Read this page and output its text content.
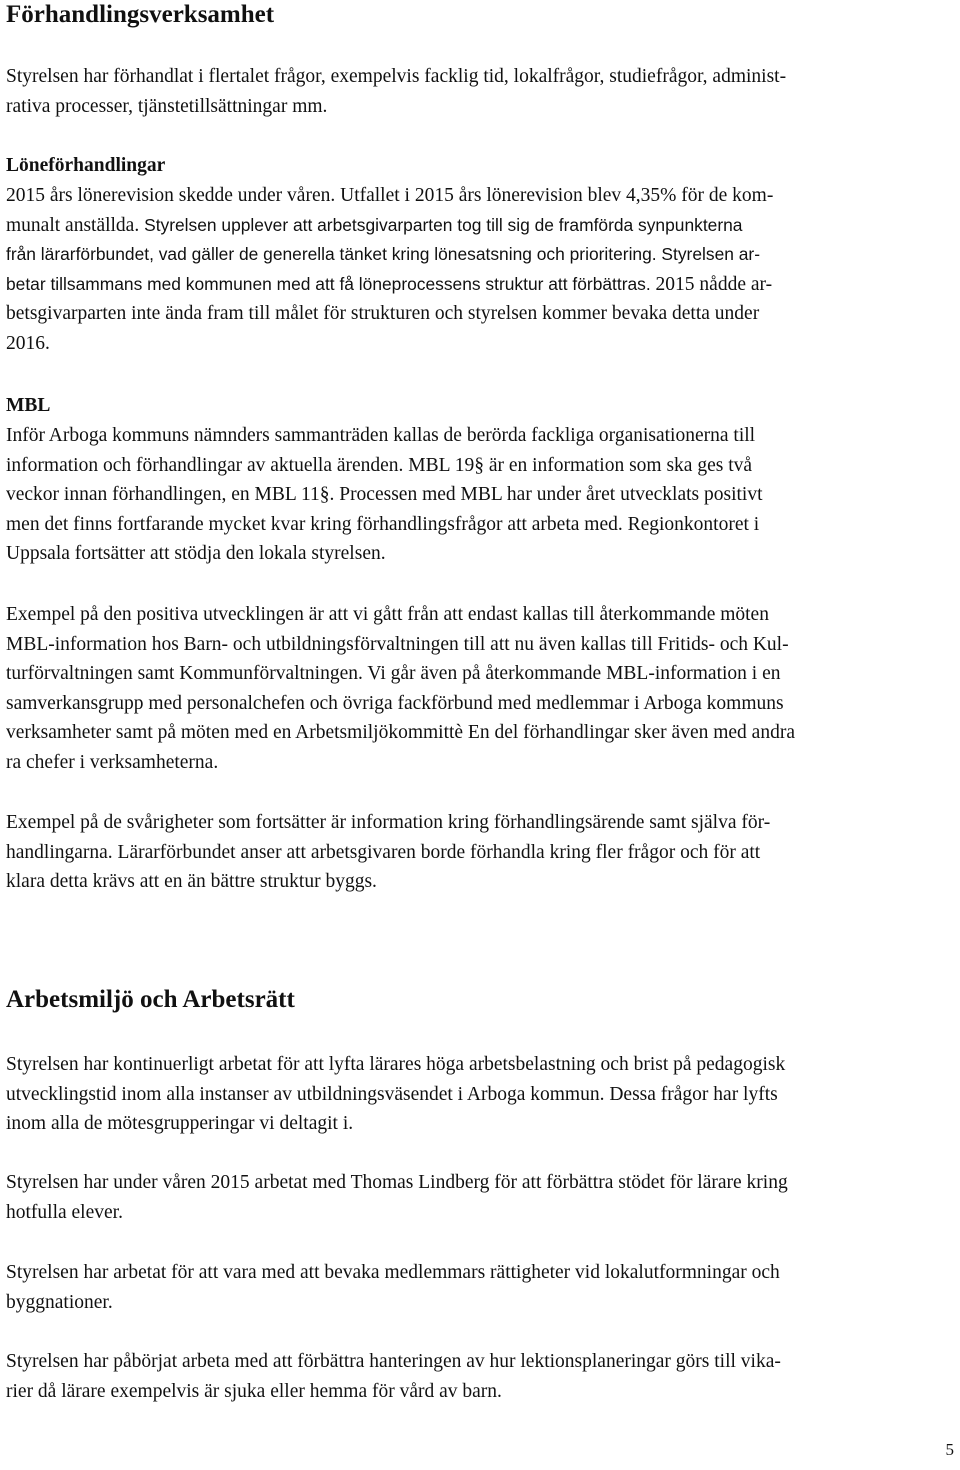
Förhandlingsverksamhet

Styrelsen har förhandlat i flertalet frågor, exempelvis facklig tid, lokalfrågor, studiefrågor, administ-
rativa processer, tjänstetillsättningar mm.

Löneförhandlingar
2015 års lönerevision skedde under våren. Utfallet i 2015 års lönerevision blev 4,35% för de kom-
munalt anställda. Styrelsen upplever att arbetsgivarparten tog till sig de framförda synpunkterna
från lärarförbundet, vad gäller de generella tänket kring lönesatsning och prioritering. Styrelsen ar-
betar tillsammans med kommunen med att få löneprocessens struktur att förbättras. 2015 nådde ar-
betsgivarparten inte ända fram till målet för strukturen och styrelsen kommer bevaka detta under
2016.
MBL

Inför Arboga kommuns nämnders sammanträden kallas de berörda fackliga organisationerna till
information och förhandlingar av aktuella ärenden. MBL 19§ är en information som ska ges två
veckor innan förhandlingen, en MBL 11§. Processen med MBL har under året utvecklats positivt
men det finns fortfarande mycket kvar kring förhandlingsfrågor att arbeta med. Regionkontoret i
Uppsala fortsätter att stödja den lokala styrelsen.

Exempel på den positiva utvecklingen är att vi gått från att endast kallas till återkommande möten
MBL-information hos Barn- och utbildningsförvaltningen till att nu även kallas till Fritids- och Kul-
turförvaltningen samt Kommunförvaltningen. Vi går även på återkommande MBL-information i en
samverkansgrupp med personalchefen och övriga fackförbund med medlemmar i Arboga kommuns
verksamheter samt på möten med en Arbetsmiljökommittè En del förhandlingar sker även med andra
ra chefer i verksamheterna.

Exempel på de svårigheter som fortsätter är information kring förhandlingsärende samt själva för-
handlingarna. Lärarförbundet anser att arbetsgivaren borde förhandla kring fler frågor och för att
klara detta krävs att en än bättre struktur byggs.

Arbetsmiljö och Arbetsrätt

Styrelsen har kontinuerligt arbetat för att lyfta lärares höga arbetsbelastning och brist på pedagogisk
utvecklingstid inom alla instanser av utbildningsväsendet i Arboga kommun. Dessa frågor har lyfts
inom alla de mötesgrupperingar vi deltagit i.

Styrelsen har under våren 2015 arbetat med Thomas Lindberg för att förbättra stödet för lärare kring
hotfulla elever.

Styrelsen har arbetat för att vara med att bevaka medlemmars rättigheter vid lokalutformningar och
byggnationer.

Styrelsen har påbörjat arbeta med att förbättra hanteringen av hur lektionsplaneringar görs till vika-
rier då lärare exempelvis är sjuka eller hemma för vård av barn.

5
